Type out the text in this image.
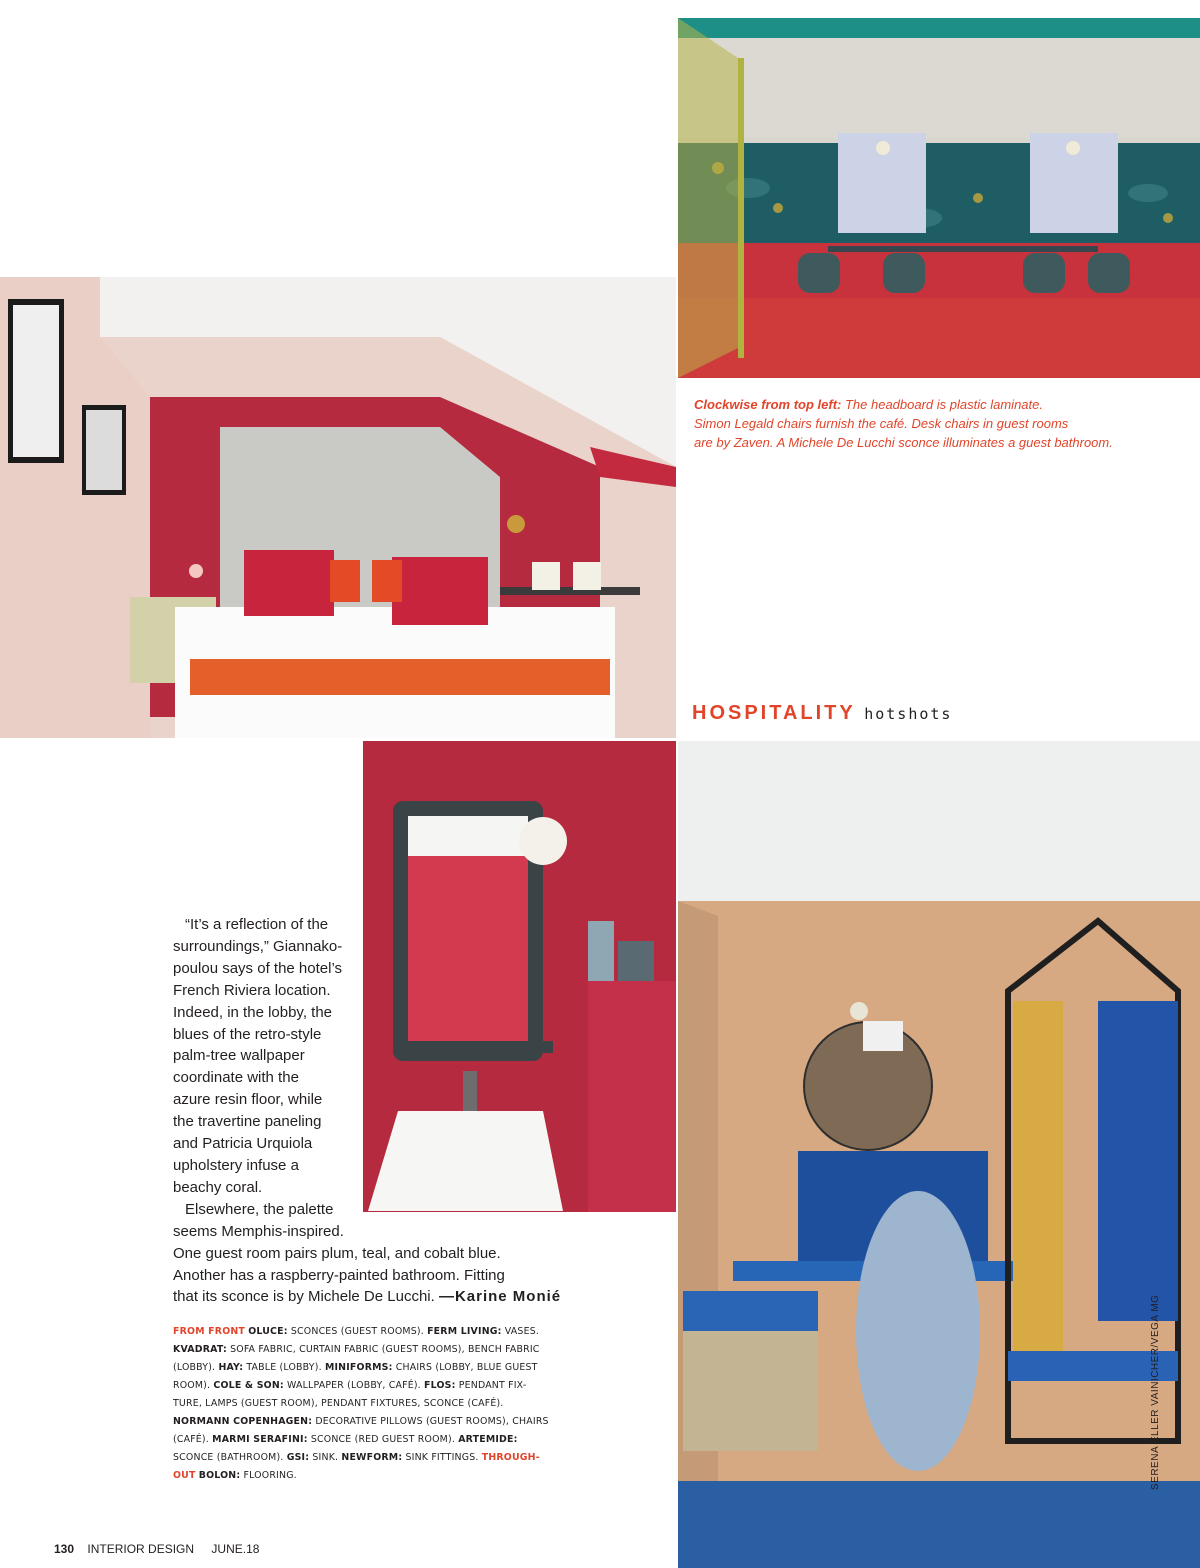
Clockwise from top left: The headboard is plastic laminate.
Simon Legald chairs furnish the café. Desk chairs in guest rooms
are by Zaven. A Michele De Lucchi sconce illuminates a guest bathroom.
HOSPITALITY hotshots
“It’s a reflection of the
surroundings,” Giannako-
poulou says of the hotel’s
French Riviera location.
Indeed, in the lobby, the
blues of the retro-style
palm-tree wallpaper
coordinate with the
azure resin floor, while
the travertine paneling
and Patricia Urquiola
upholstery infuse a
beachy coral.
Elsewhere, the palette
seems Memphis-inspired.
One guest room pairs plum, teal, and cobalt blue.
Another has a raspberry-painted bathroom. Fitting
that its sconce is by Michele De Lucchi. —Karine Monié
FROM FRONT OLUCE: SCONCES (GUEST ROOMS). FERM LIVING: VASES.
KVADRAT: SOFA FABRIC, CURTAIN FABRIC (GUEST ROOMS), BENCH FABRIC
(LOBBY). HAY: TABLE (LOBBY). MINIFORMS: CHAIRS (LOBBY, BLUE GUEST
ROOM). COLE & SON: WALLPAPER (LOBBY, CAFÉ). FLOS: PENDANT FIX-
TURE, LAMPS (GUEST ROOM), PENDANT FIXTURES, SCONCE (CAFÉ).
NORMANN COPENHAGEN: DECORATIVE PILLOWS (GUEST ROOMS), CHAIRS
(CAFÉ). MARMI SERAFINI: SCONCE (RED GUEST ROOM). ARTEMIDE:
SCONCE (BATHROOM). GSI: SINK. NEWFORM: SINK FITTINGS. THROUGH-
OUT BOLON: FLOORING.
130 INTERIOR DESIGN JUNE.18
SERENA ELLER VAINICHER/VEGA MG
